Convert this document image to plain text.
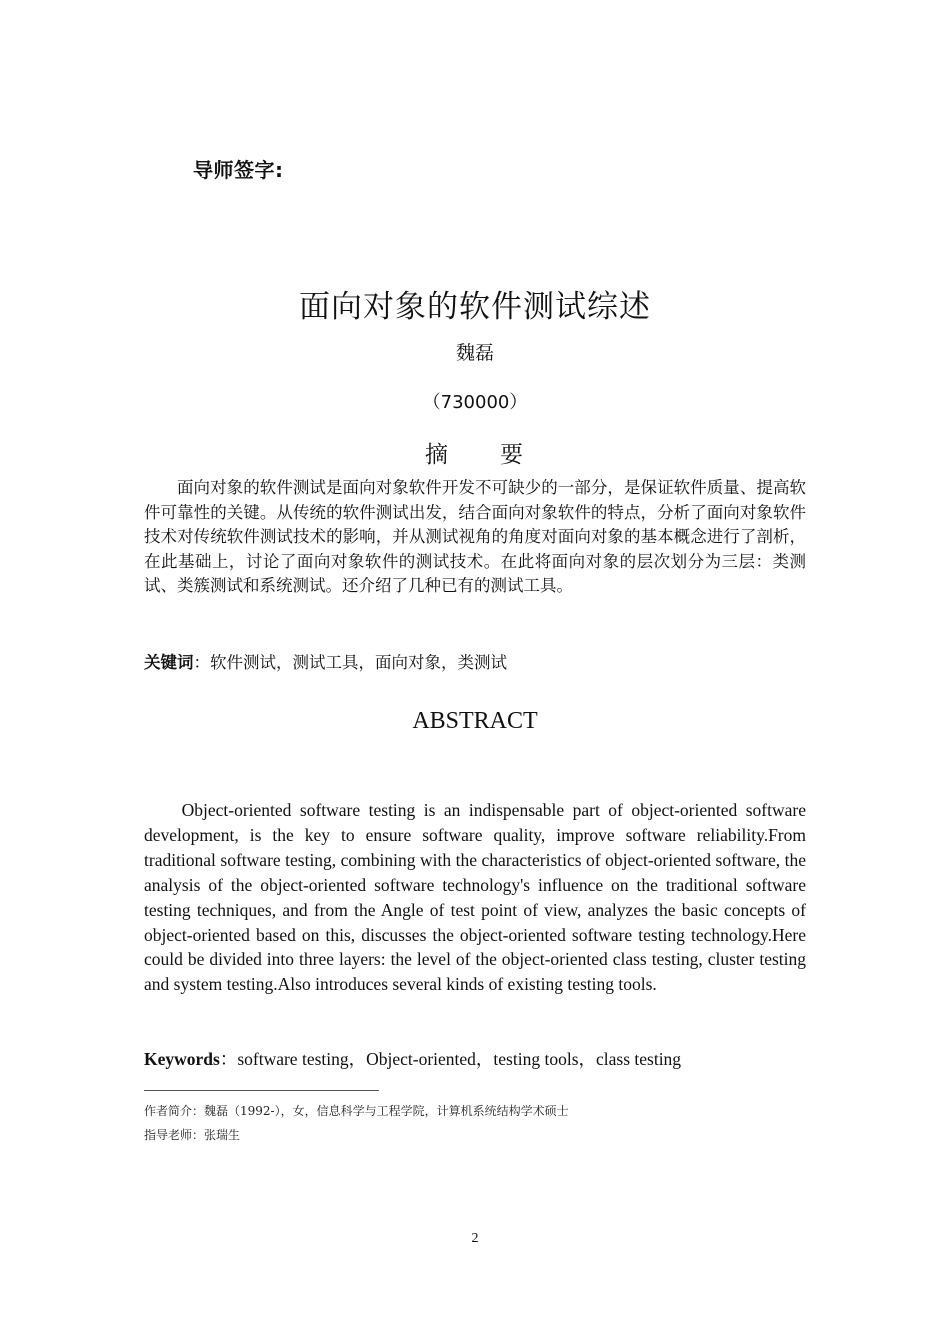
导师签字:
面向对象的软件测试综述
魏磊
（730000）
摘　　要
面向对象的软件测试是面向对象软件开发不可缺少的一部分，是保证软件质量、提高软件可靠性的关键。从传统的软件测试出发，结合面向对象软件的特点，分析了面向对象软件技术对传统软件测试技术的影响，并从测试视角的角度对面向对象的基本概念进行了剖析，在此基础上，讨论了面向对象软件的测试技术。在此将面向对象的层次划分为三层：类测试、类簇测试和系统测试。还介绍了几种已有的测试工具。
关键词：软件测试，测试工具，面向对象，类测试
ABSTRACT
Object-oriented software testing is an indispensable part of object-oriented software development, is the key to ensure software quality, improve software reliability.From traditional software testing, combining with the characteristics of object-oriented software, the analysis of the object-oriented software technology's influence on the traditional software testing techniques, and from the Angle of test point of view, analyzes the basic concepts of object-oriented based on this, discusses the object-oriented software testing technology.Here could be divided into three layers: the level of the object-oriented class testing, cluster testing and system testing.Also introduces several kinds of existing testing tools.
Keywords：software testing，Object-oriented，testing tools，class testing
作者简介：魏磊（1992-），女，信息科学与工程学院，计算机系统结构学术硕士
指导老师：张瑞生
2
